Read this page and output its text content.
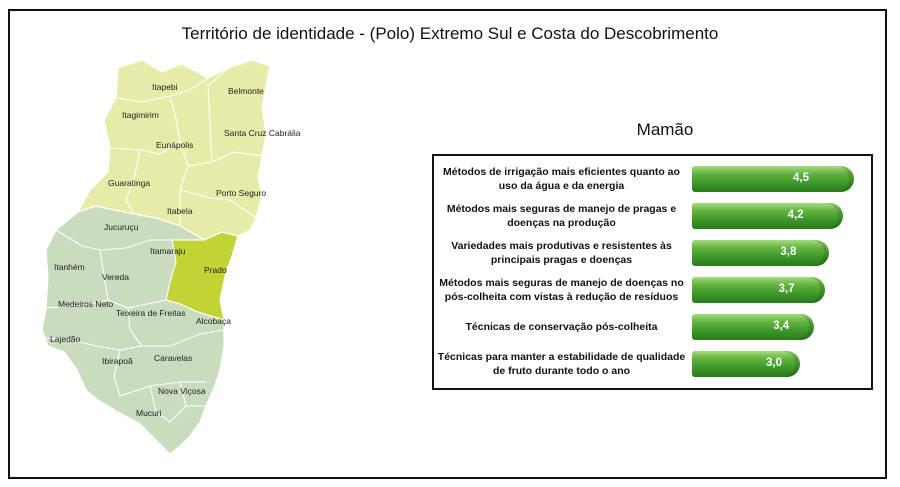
Território de identidade - (Polo) Extremo Sul e Costa do Descobrimento
Itapebi	Belmonte
Itagimirim
Eunápolis
Santa Cruz Cabrália
Guaratinga
Porto Seguro
Itabela
Jucuruçu
Itamaraju
Itanhém
Vereda
Prado
Medeiros Neto
Teixeira de Freitas
Alcobaça
Lajedão
Ibirapoã	Caravelas
Nova Viçosa
Mucuri
Mamão
Métodos de irrigação mais eficientes quanto ao
uso da água e da energia
4,5
Métodos mais seguras de manejo de pragas e
doenças na produção
4,2
Variedades mais produtivas e resistentes às
principais pragas e doenças
3,8
Métodos mais seguras de manejo de doenças no
pós-colheita com vistas à redução de resíduos
3,7
Técnicas de conservação pós-colheita	3,4
Técnicas para manter a estabilidade de qualidade
de fruto durante todo o ano
3,0
